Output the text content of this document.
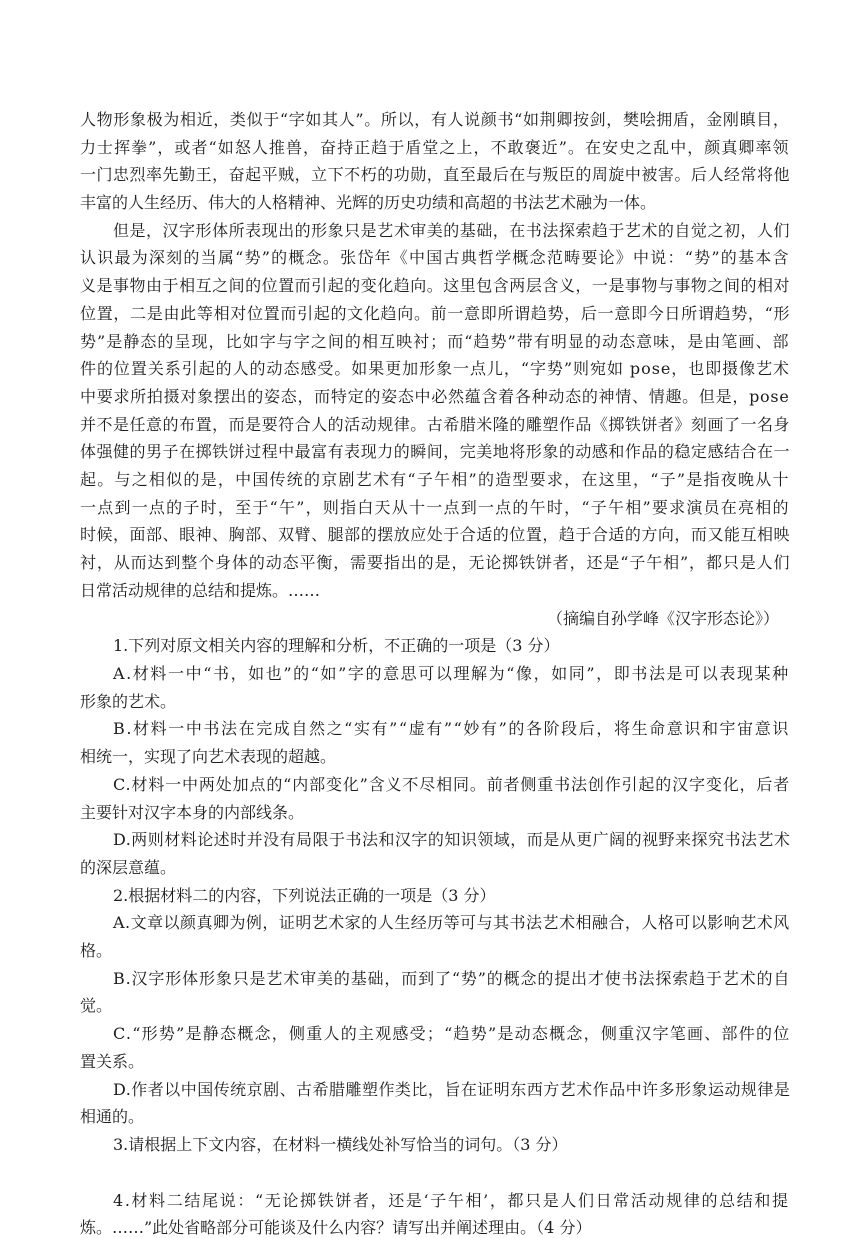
人物形象极为相近，类似于“字如其人”。所以，有人说颜书“如荆卿按剑，樊哙拥盾，金刚瞋目，
力士挥拳”，或者“如怒人推兽，奋持正趋于盾堂之上，不敢褒近”。在安史之乱中，颜真卿率领
一门忠烈率先勤王，奋起平贼，立下不朽的功勋，直至最后在与叛臣的周旋中被害。后人经常将他
丰富的人生经历、伟大的人格精神、光辉的历史功绩和高超的书法艺术融为一体。
但是，汉字形体所表现出的形象只是艺术审美的基础，在书法探索趋于艺术的自觉之初，人们
认识最为深刻的当属“势”的概念。张岱年《中国古典哲学概念范畴要论》中说：“势”的基本含
义是事物由于相互之间的位置而引起的变化趋向。这里包含两层含义，一是事物与事物之间的相对
位置，二是由此等相对位置而引起的文化趋向。前一意即所谓趋势，后一意即今日所谓趋势，“形
势”是静态的呈现，比如字与字之间的相互映衬；而“趋势”带有明显的动态意味，是由笔画、部
件的位置关系引起的人的动态感受。如果更加形象一点儿，“字势”则宛如 pose，也即摄像艺术
中要求所拍摄对象摆出的姿态，而特定的姿态中必然蕴含着各种动态的神情、情趣。但是，pose
并不是任意的布置，而是要符合人的活动规律。古希腊米隆的雕塑作品《掷铁饼者》刻画了一名身
体强健的男子在掷铁饼过程中最富有表现力的瞬间，完美地将形象的动感和作品的稳定感结合在一
起。与之相似的是，中国传统的京剧艺术有“子午相”的造型要求，在这里，“子”是指夜晚从十
一点到一点的子时，至于“午”，则指白天从十一点到一点的午时，“子午相”要求演员在亮相的
时候，面部、眼神、胸部、双臂、腿部的摆放应处于合适的位置，趋于合适的方向，而又能互相映
衬，从而达到整个身体的动态平衡，需要指出的是，无论掷铁饼者，还是“子午相”，都只是人们
日常活动规律的总结和提炼。……
（摘编自孙学峰《汉字形态论》）
1.下列对原文相关内容的理解和分析，不正确的一项是（3 分）
A.材料一中“书，如也”的“如”字的意思可以理解为“像，如同”，即书法是可以表现某种
形象的艺术。
B.材料一中书法在完成自然之“实有”“虚有”“妙有”的各阶段后，将生命意识和宇宙意识
相统一，实现了向艺术表现的超越。
C.材料一中两处加点的“内部变化”含义不尽相同。前者侧重书法创作引起的汉字变化，后者
主要针对汉字本身的内部线条。
D.两则材料论述时并没有局限于书法和汉字的知识领域，而是从更广阔的视野来探究书法艺术
的深层意蕴。
2.根据材料二的内容，下列说法正确的一项是（3 分）
A.文章以颜真卿为例，证明艺术家的人生经历等可与其书法艺术相融合，人格可以影响艺术风
格。
B.汉字形体形象只是艺术审美的基础，而到了“势”的概念的提出才使书法探索趋于艺术的自
觉。
C.“形势”是静态概念，侧重人的主观感受；“趋势”是动态概念，侧重汉字笔画、部件的位
置关系。
D.作者以中国传统京剧、古希腊雕塑作类比，旨在证明东西方艺术作品中许多形象运动规律是
相通的。
3.请根据上下文内容，在材料一横线处补写恰当的词句。（3 分）
4.材料二结尾说：“无论掷铁饼者，还是‘子午相’，都只是人们日常活动规律的总结和提
炼。……”此处省略部分可能谈及什么内容？请写出并阐述理由。（4 分）
